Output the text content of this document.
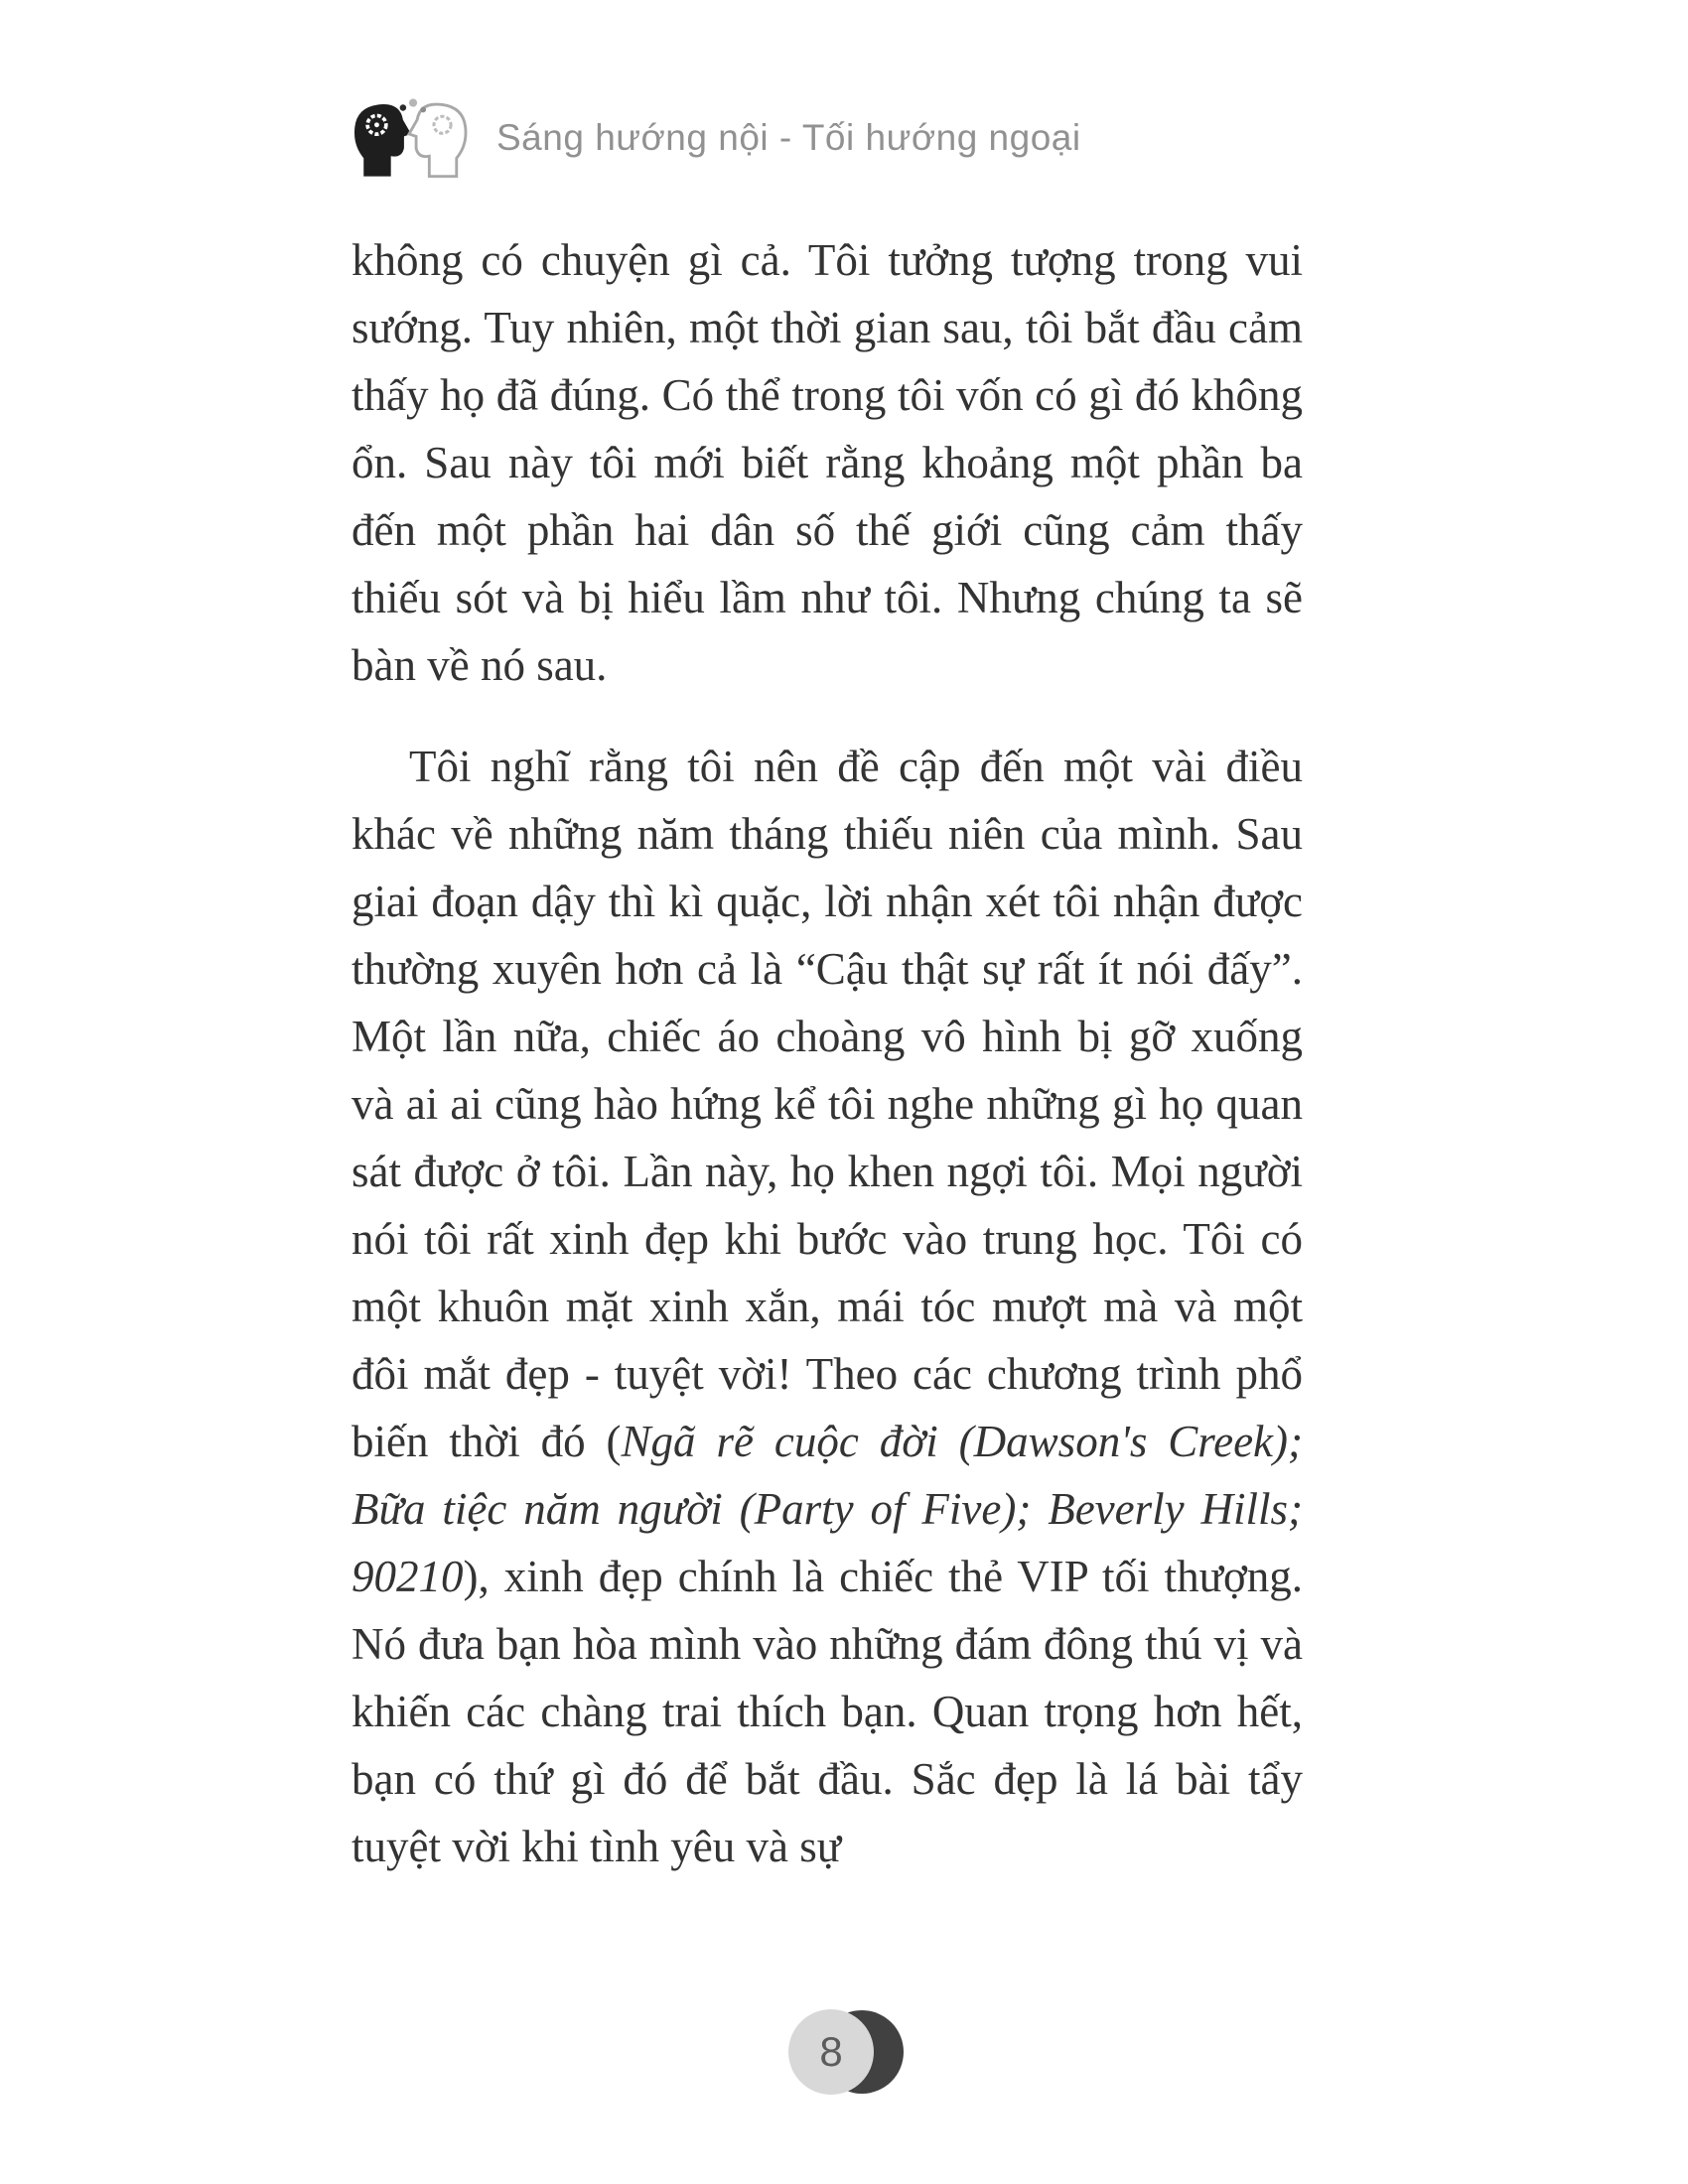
Sáng hướng nội - Tối hướng ngoại

không có chuyện gì cả. Tôi tưởng tượng trong vui sướng. Tuy nhiên, một thời gian sau, tôi bắt đầu cảm thấy họ đã đúng. Có thể trong tôi vốn có gì đó không ổn. Sau này tôi mới biết rằng khoảng một phần ba đến một phần hai dân số thế giới cũng cảm thấy thiếu sót và bị hiểu lầm như tôi. Nhưng chúng ta sẽ bàn về nó sau.

Tôi nghĩ rằng tôi nên đề cập đến một vài điều khác về những năm tháng thiếu niên của mình. Sau giai đoạn dậy thì kì quặc, lời nhận xét tôi nhận được thường xuyên hơn cả là “Cậu thật sự rất ít nói đấy”. Một lần nữa, chiếc áo choàng vô hình bị gỡ xuống và ai ai cũng hào hứng kể tôi nghe những gì họ quan sát được ở tôi. Lần này, họ khen ngợi tôi. Mọi người nói tôi rất xinh đẹp khi bước vào trung học. Tôi có một khuôn mặt xinh xắn, mái tóc mượt mà và một đôi mắt đẹp - tuyệt vời! Theo các chương trình phổ biến thời đó (Ngã rẽ cuộc đời (Dawson's Creek); Bữa tiệc năm người (Party of Five); Beverly Hills; 90210), xinh đẹp chính là chiếc thẻ VIP tối thượng. Nó đưa bạn hòa mình vào những đám đông thú vị và khiến các chàng trai thích bạn. Quan trọng hơn hết, bạn có thứ gì đó để bắt đầu. Sắc đẹp là lá bài tẩy tuyệt vời khi tình yêu và sự

8
